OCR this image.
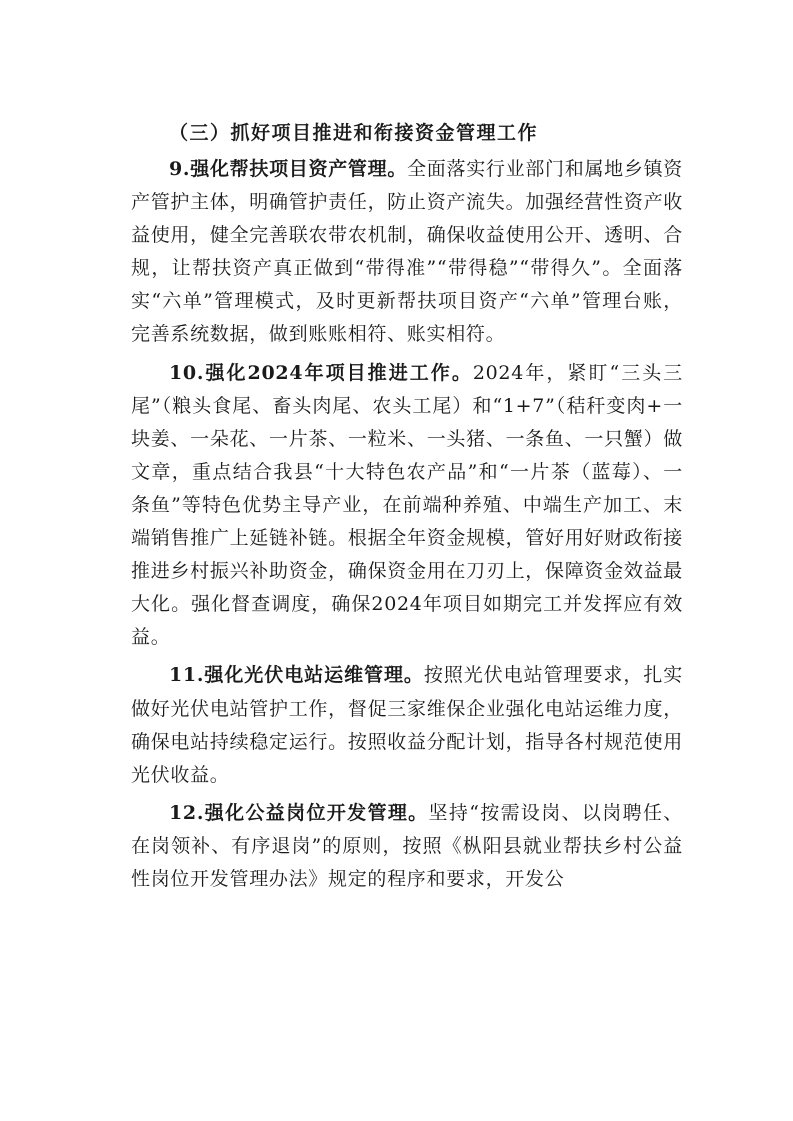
（三）抓好项目推进和衔接资金管理工作

9.强化帮扶项目资产管理。全面落实行业部门和属地乡镇资产管护主体，明确管护责任，防止资产流失。加强经营性资产收益使用，健全完善联农带农机制，确保收益使用公开、透明、合规，让帮扶资产真正做到“带得准”“带得稳”“带得久”。全面落实“六单”管理模式，及时更新帮扶项目资产“六单”管理台账，完善系统数据，做到账账相符、账实相符。

10.强化2024年项目推进工作。2024年，紧盯“三头三尾”（粮头食尾、畜头肉尾、农头工尾）和“1+7”（秸秆变肉+一块姜、一朵花、一片茶、一粒米、一头猪、一条鱼、一只蟹）做文章，重点结合我县“十大特色农产品”和“一片茶（蓝莓）、一条鱼”等特色优势主导产业，在前端种养殖、中端生产加工、末端销售推广上延链补链。根据全年资金规模，管好用好财政衔接推进乡村振兴补助资金，确保资金用在刀刃上，保障资金效益最大化。强化督查调度，确保2024年项目如期完工并发挥应有效益。

11.强化光伏电站运维管理。按照光伏电站管理要求，扎实做好光伏电站管护工作，督促三家维保企业强化电站运维力度，确保电站持续稳定运行。按照收益分配计划，指导各村规范使用光伏收益。

12.强化公益岗位开发管理。坚持“按需设岗、以岗聘任、在岗领补、有序退岗”的原则，按照《枞阳县就业帮扶乡村公益性岗位开发管理办法》规定的程序和要求，开发公
